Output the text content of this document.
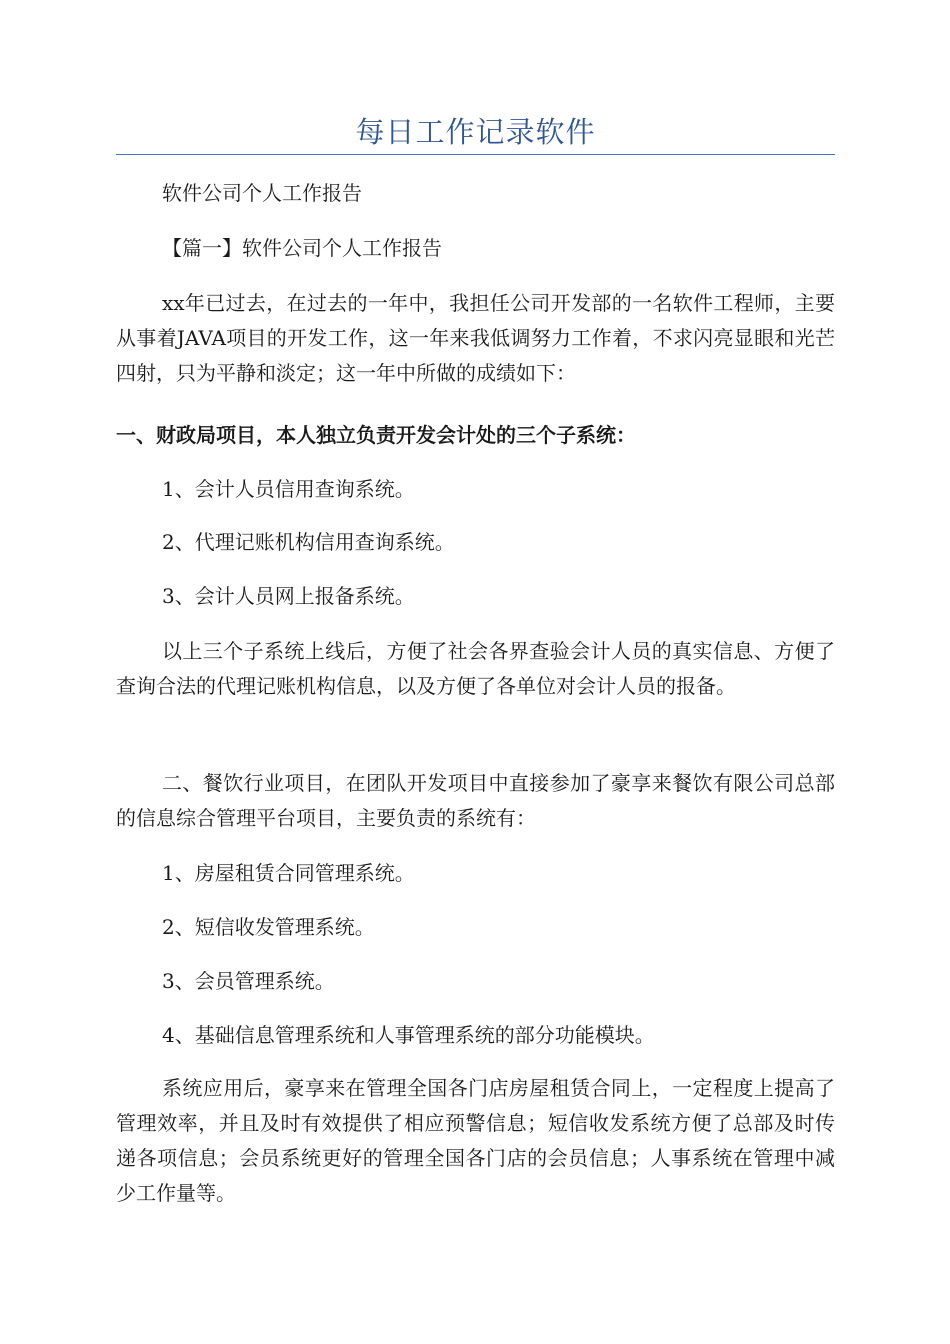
每日工作记录软件
软件公司个人工作报告
【篇一】软件公司个人工作报告
xx年已过去，在过去的一年中，我担任公司开发部的一名软件工程师，主要从事着JAVA项目的开发工作，这一年来我低调努力工作着，不求闪亮显眼和光芒四射，只为平静和淡定；这一年中所做的成绩如下：
一、财政局项目，本人独立负责开发会计处的三个子系统：
1、会计人员信用查询系统。
2、代理记账机构信用查询系统。
3、会计人员网上报备系统。
以上三个子系统上线后，方便了社会各界查验会计人员的真实信息、方便了查询合法的代理记账机构信息，以及方便了各单位对会计人员的报备。
二、餐饮行业项目，在团队开发项目中直接参加了豪享来餐饮有限公司总部的信息综合管理平台项目，主要负责的系统有：
1、房屋租赁合同管理系统。
2、短信收发管理系统。
3、会员管理系统。
4、基础信息管理系统和人事管理系统的部分功能模块。
系统应用后，豪享来在管理全国各门店房屋租赁合同上，一定程度上提高了管理效率，并且及时有效提供了相应预警信息；短信收发系统方便了总部及时传递各项信息；会员系统更好的管理全国各门店的会员信息；人事系统在管理中减少工作量等。
